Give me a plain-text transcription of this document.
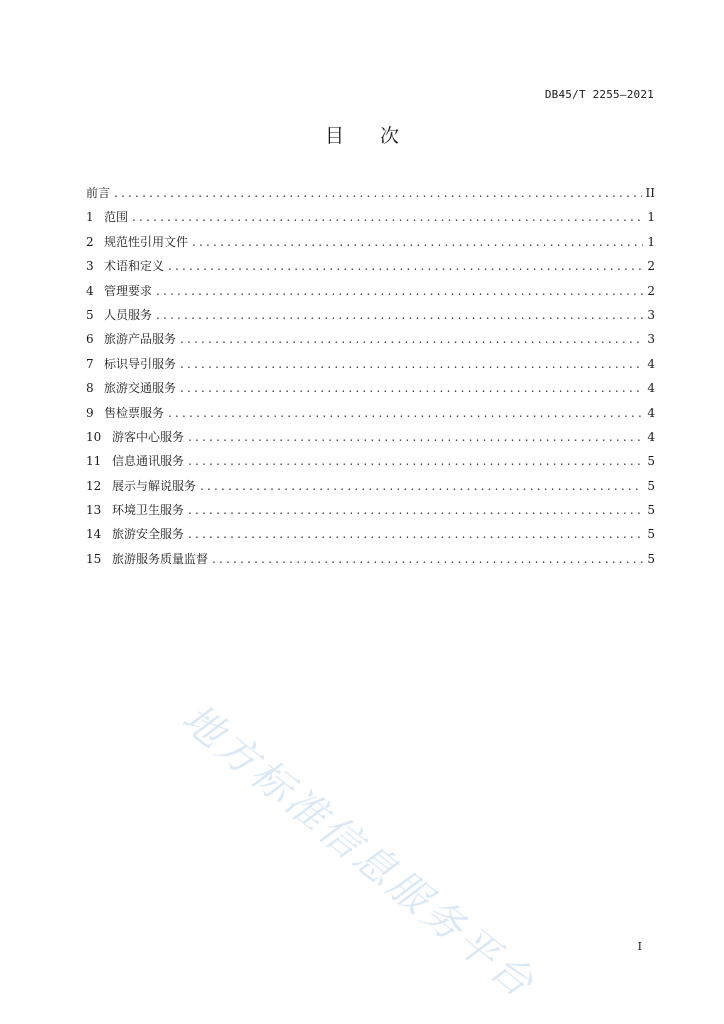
DB45/T 2255—2021
目 次
前言 .....	II
1 范围 .....	1
2 规范性引用文件 .....	1
3 术语和定义 .....	2
4 管理要求 .....	2
5 人员服务 .....	3
6 旅游产品服务 .....	3
7 标识导引服务 .....	4
8 旅游交通服务 .....	4
9 售检票服务 .....	4
10 游客中心服务 .....	4
11 信息通讯服务 .....	5
12 展示与解说服务 .....	5
13 环境卫生服务 .....	5
14 旅游安全服务 .....	5
15 旅游服务质量监督 .....	5
地方标准信息服务平台	I
